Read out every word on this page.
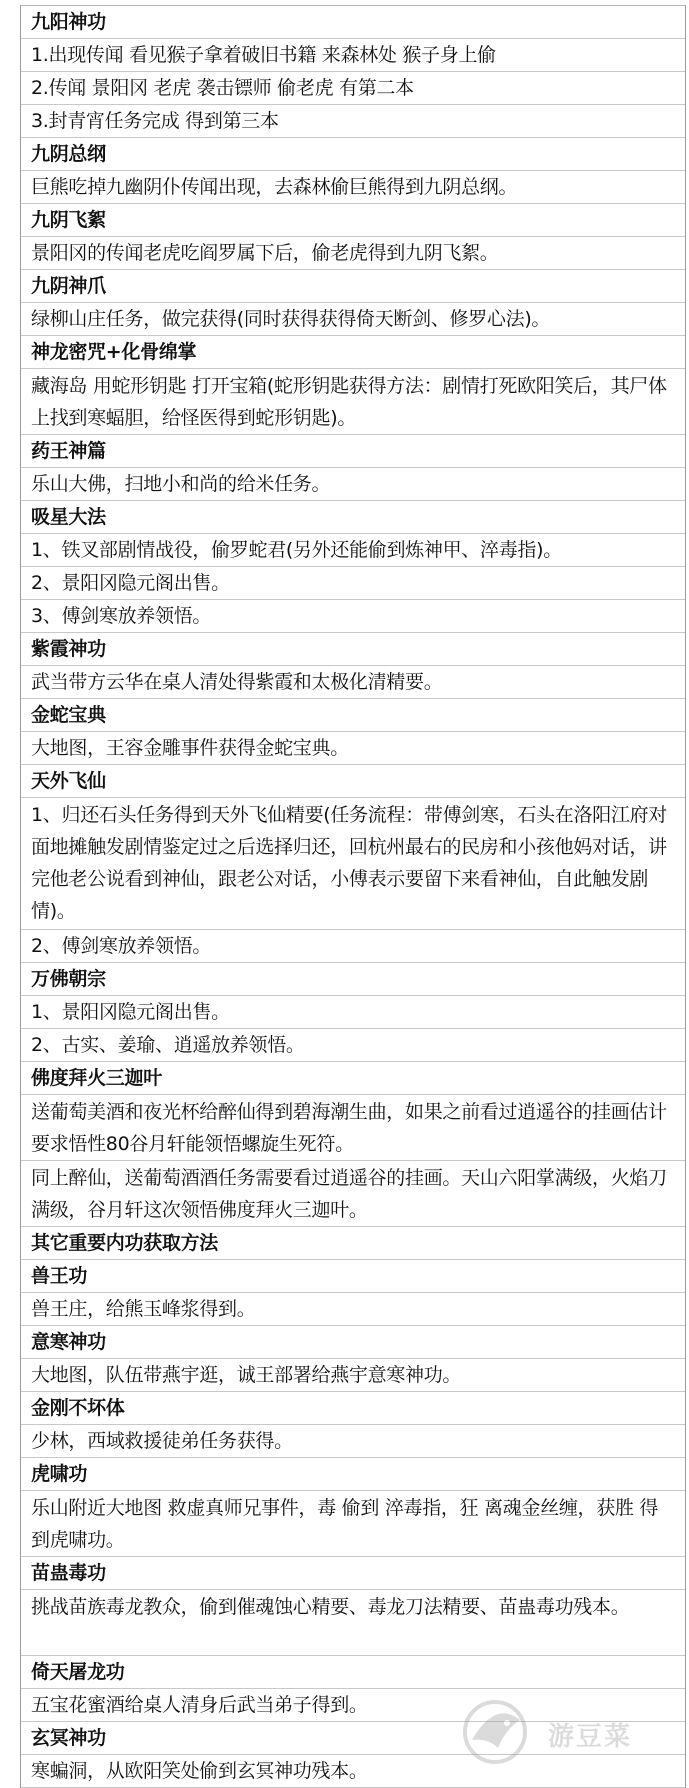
九阳神功
1.出现传闻 看见猴子拿着破旧书籍 来森林处 猴子身上偷
2.传闻 景阳冈 老虎 袭击镖师 偷老虎 有第二本
3.封青宵任务完成 得到第三本
九阴总纲
巨熊吃掉九幽阴仆传闻出现，去森林偷巨熊得到九阴总纲。
九阴飞絮
景阳冈的传闻老虎吃阎罗属下后，偷老虎得到九阴飞絮。
九阴神爪
绿柳山庄任务，做完获得(同时获得获得倚天断剑、修罗心法)。
神龙密咒+化骨绵掌
藏海岛 用蛇形钥匙 打开宝箱(蛇形钥匙获得方法：剧情打死欧阳笑后，其尸体上找到寒蝠胆，给怪医得到蛇形钥匙)。
药王神篇
乐山大佛，扫地小和尚的给米任务。
吸星大法
1、铁叉部剧情战役，偷罗蛇君(另外还能偷到炼神甲、淬毒指)。
2、景阳冈隐元阁出售。
3、傅剑寒放养领悟。
紫霞神功
武当带方云华在桌人清处得紫霞和太极化清精要。
金蛇宝典
大地图，王容金雕事件获得金蛇宝典。
天外飞仙
1、归还石头任务得到天外飞仙精要(任务流程：带傅剑寒，石头在洛阳江府对面地摊触发剧情鉴定过之后选择归还，回杭州最右的民房和小孩他妈对话，讲完他老公说看到神仙，跟老公对话，小傅表示要留下来看神仙，自此触发剧情)。
2、傅剑寒放养领悟。
万佛朝宗
1、景阳冈隐元阁出售。
2、古实、姜瑜、逍遥放养领悟。
佛度拜火三迦叶
送葡萄美酒和夜光杯给醉仙得到碧海潮生曲，如果之前看过逍遥谷的挂画估计要求悟性80谷月轩能领悟螺旋生死符。
同上醉仙，送葡萄酒酒任务需要看过逍遥谷的挂画。天山六阳掌满级，火焰刀满级，谷月轩这次领悟佛度拜火三迦叶。
其它重要内功获取方法
兽王功
兽王庄，给熊玉峰浆得到。
意寒神功
大地图，队伍带燕宇逛，诚王部署给燕宇意寒神功。
金刚不坏体
少林，西域救援徒弟任务获得。
虎啸功
乐山附近大地图 救虚真师兄事件，毒 偷到 淬毒指，狂 离魂金丝缠，获胜 得到虎啸功。
苗蛊毒功
挑战苗族毒龙教众，偷到催魂蚀心精要、毒龙刀法精要、苗蛊毒功残本。
倚天屠龙功
五宝花蜜酒给桌人清身后武当弟子得到。
玄冥神功
寒蝙洞，从欧阳笑处偷到玄冥神功残本。
游豆菜
